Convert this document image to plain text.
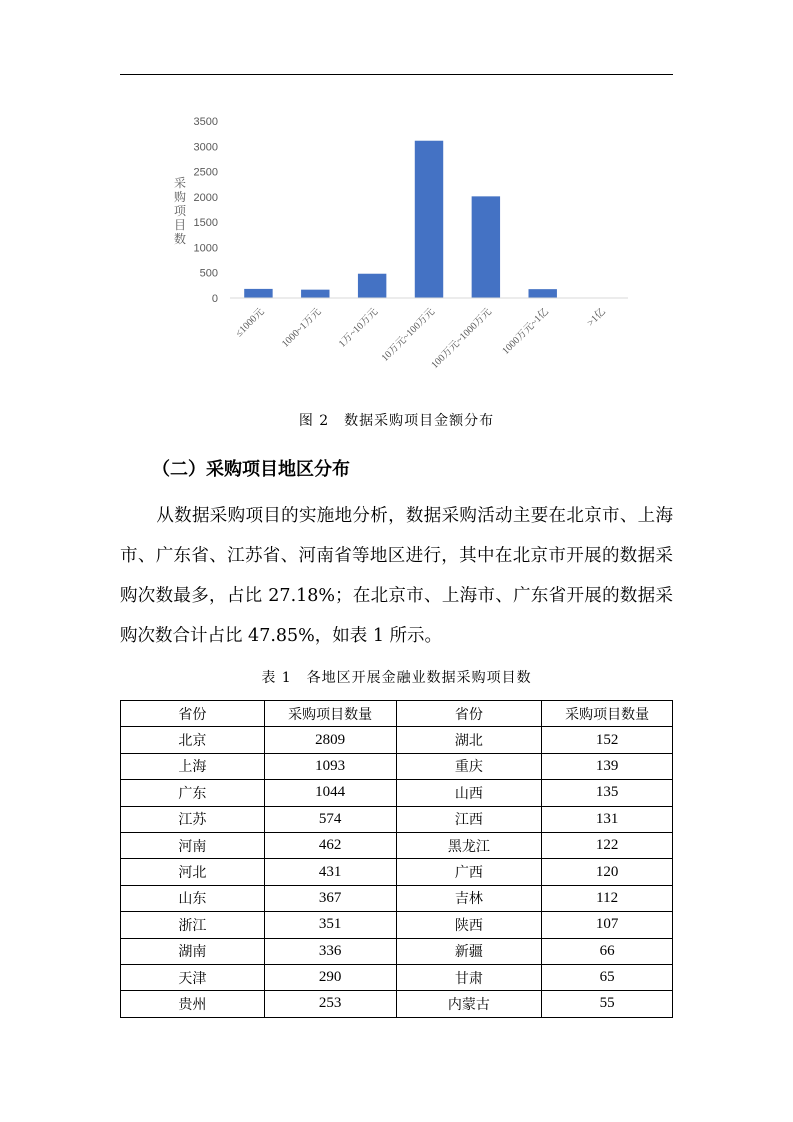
0
500
1000
1500
2000
2500
3000
3500
≤1000元 1000~1万元 1万~10万元 10万元~100万元
100万元~1000万元 1000万元~1亿	>1亿
采购项目数
图 2　数据采购项目金额分布
（二）采购项目地区分布
从数据采购项目的实施地分析，数据采购活动主要在北京市、上海市、广东省、江苏省、河南省等地区进行，其中在北京市开展的数据采购次数最多，占比 27.18%；在北京市、上海市、广东省开展的数据采购次数合计占比 47.85%，如表 1 所示。
表 1　各地区开展金融业数据采购项目数
省份	采购项目数量	省份	采购项目数量
北京	2809	湖北	152
上海	1093	重庆	139
广东	1044	山西	135
江苏	574	江西	131
河南	462	黑龙江	122
河北	431	广西	120
山东	367	吉林	112
浙江	351	陕西	107
湖南	336	新疆	66
天津	290	甘肃	65
贵州	253	内蒙古	55
